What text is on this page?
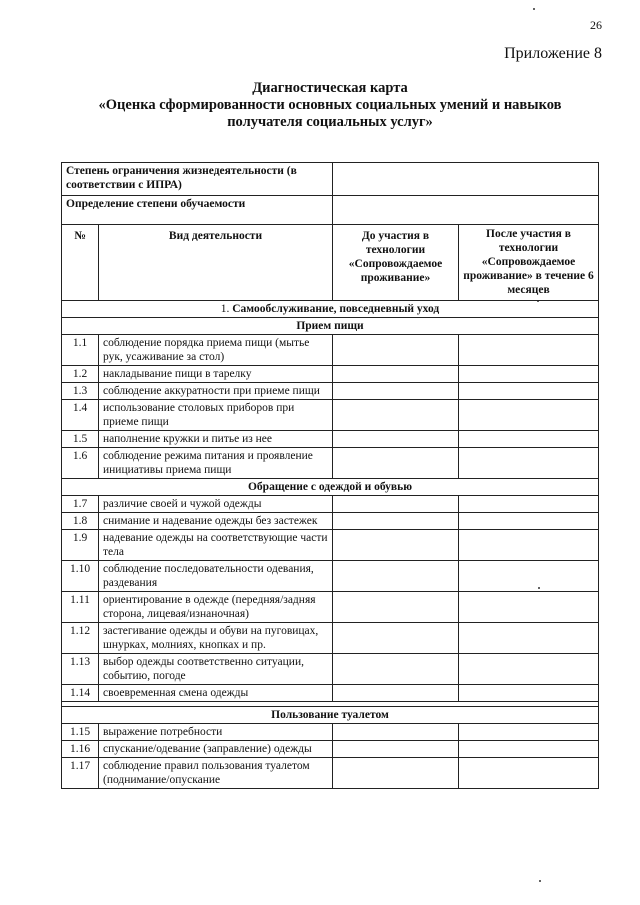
26
Приложение 8
Диагностическая карта
«Оценка сформированности основных социальных умений и навыков
получателя социальных услуг»
Степень ограничения жизнедеятельности (в соответствии с ИПРА)			
Определение степени обучаемости			
№	Вид деятельности	До участия в технологии «Сопровождаемое проживание»	После участия в технологии «Сопровождаемое проживание» в течение 6 месяцев
1. Самообслуживание, повседневный уход			
Прием пищи			
1.1	соблюдение порядка приема пищи (мытье рук, усаживание за стол)		
1.2	накладывание пищи в тарелку		
1.3	соблюдение аккуратности при приеме пищи		
1.4	использование столовых приборов при приеме пищи		
1.5	наполнение кружки и питье из нее		
1.6	соблюдение режима питания и проявление инициативы приема пищи		
Обращение с одеждой и обувью			
1.7	различие своей и чужой одежды		
1.8	снимание и надевание одежды без застежек		
1.9	надевание одежды на соответствующие части тела		
1.10	соблюдение последовательности одевания, раздевания		
1.11	ориентирование в одежде (передняя/задняя сторона, лицевая/изнаночная)		
1.12	застегивание одежды и обуви на пуговицах, шнурках, молниях, кнопках и пр.		
1.13	выбор одежды соответственно ситуации, событию, погоде		
1.14	своевременная смена одежды		

Пользование туалетом			
1.15	выражение потребности		
1.16	спускание/одевание (заправление) одежды		
1.17	соблюдение правил пользования туалетом (поднимание/опускание		
